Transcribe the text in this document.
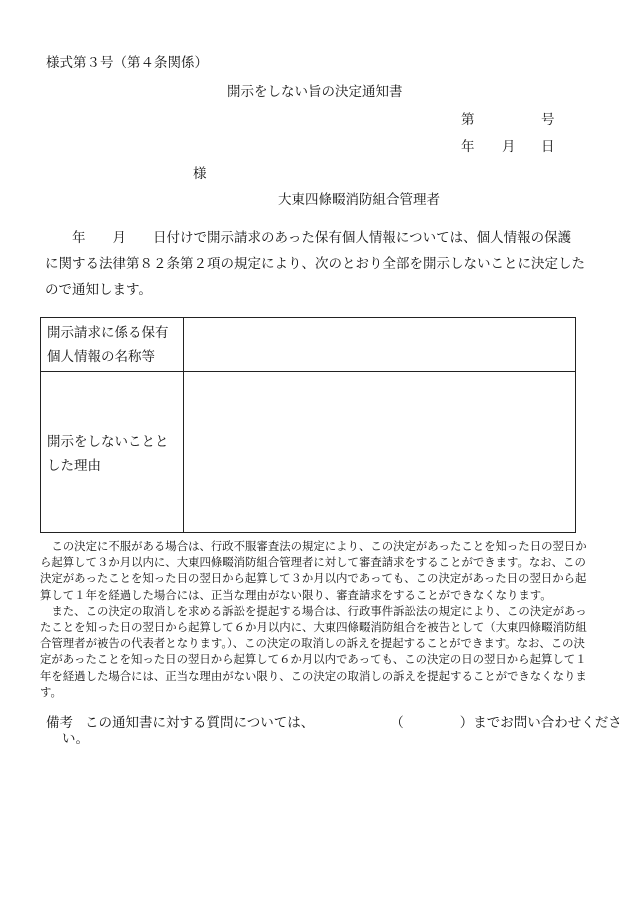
様式第３号（第４条関係）
開示をしない旨の決定通知書
第	号
年 月 日
様
大東四條畷消防組合管理者
　　年　　月　　日付けで開示請求のあった保有個人情報については、個人情報の保護
に関する法律第８２条第２項の規定により、次のとおり全部を開示しないことに決定した
ので通知します。
開示請求に係る保有
個人情報の名称等
開示をしないことと
した理由
　この決定に不服がある場合は、行政不服審査法の規定により、この決定があったことを知った日の翌日か
ら起算して３か月以内に、大東四條畷消防組合管理者に対して審査請求をすることができます。なお、この
決定があったことを知った日の翌日から起算して３か月以内であっても、この決定があった日の翌日から起
算して１年を経過した場合には、正当な理由がない限り、審査請求をすることができなくなります。
　また、この決定の取消しを求める訴訟を提起する場合は、行政事件訴訟法の規定により、この決定があっ
たことを知った日の翌日から起算して６か月以内に、大東四條畷消防組合を被告として（大東四條畷消防組
合管理者が被告の代表者となります。）、この決定の取消しの訴えを提起することができます。なお、この決
定があったことを知った日の翌日から起算して６か月以内であっても、この決定の日の翌日から起算して１
年を経過した場合には、正当な理由がない限り、この決定の取消しの訴えを提起することができなくなりま
す。
備考 この通知書に対する質問については、	（	）までお問い合わせくださ
い。
